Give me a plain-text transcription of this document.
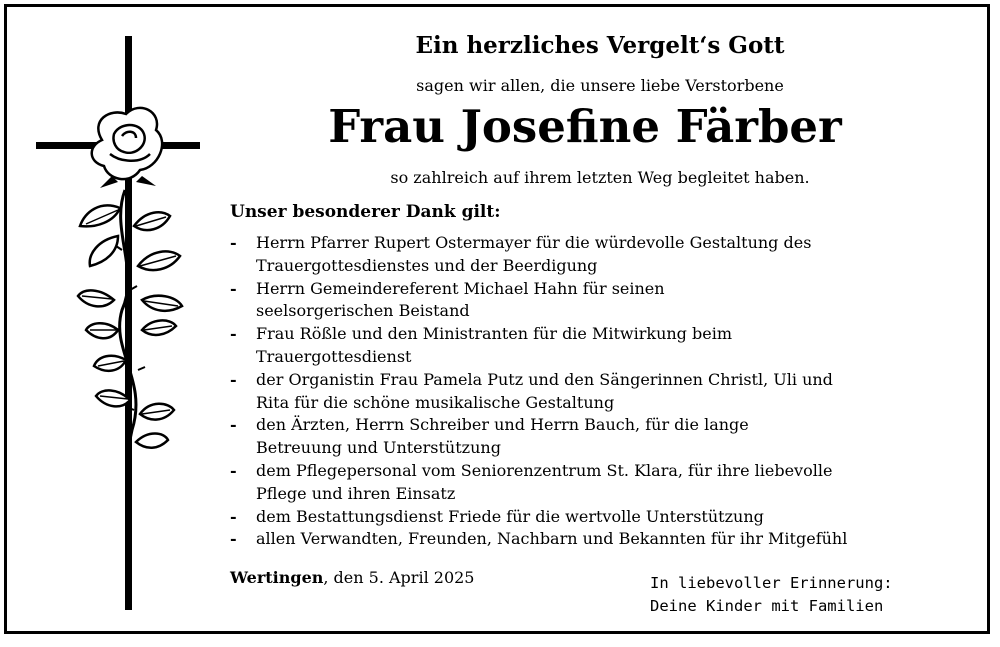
Ein herzliches Vergelt‘s Gott
sagen wir allen, die unsere liebe Verstorbene
Frau Josefine Färber
so zahlreich auf ihrem letzten Weg begleitet haben.
Unser besonderer Dank gilt:
- Herrn Pfarrer Rupert Ostermayer für die würdevolle Gestaltung des
Trauergottesdienstes und der Beerdigung
- Herrn Gemeindereferent Michael Hahn für seinen
seelsorgerischen Beistand
- Frau Rößle und den Ministranten für die Mitwirkung beim
Trauergottesdienst
- der Organistin Frau Pamela Putz und den Sängerinnen Christl, Uli und
Rita für die schöne musikalische Gestaltung
- den Ärzten, Herrn Schreiber und Herrn Bauch, für die lange
Betreuung und Unterstützung
- dem Pflegepersonal vom Seniorenzentrum St. Klara, für ihre liebevolle
Pflege und ihren Einsatz
- dem Bestattungsdienst Friede für die wertvolle Unterstützung
- allen Verwandten, Freunden, Nachbarn und Bekannten für ihr Mitgefühl
Wertingen, den 5. April 2025	In liebevoller Erinnerung:
Deine Kinder mit Familien
